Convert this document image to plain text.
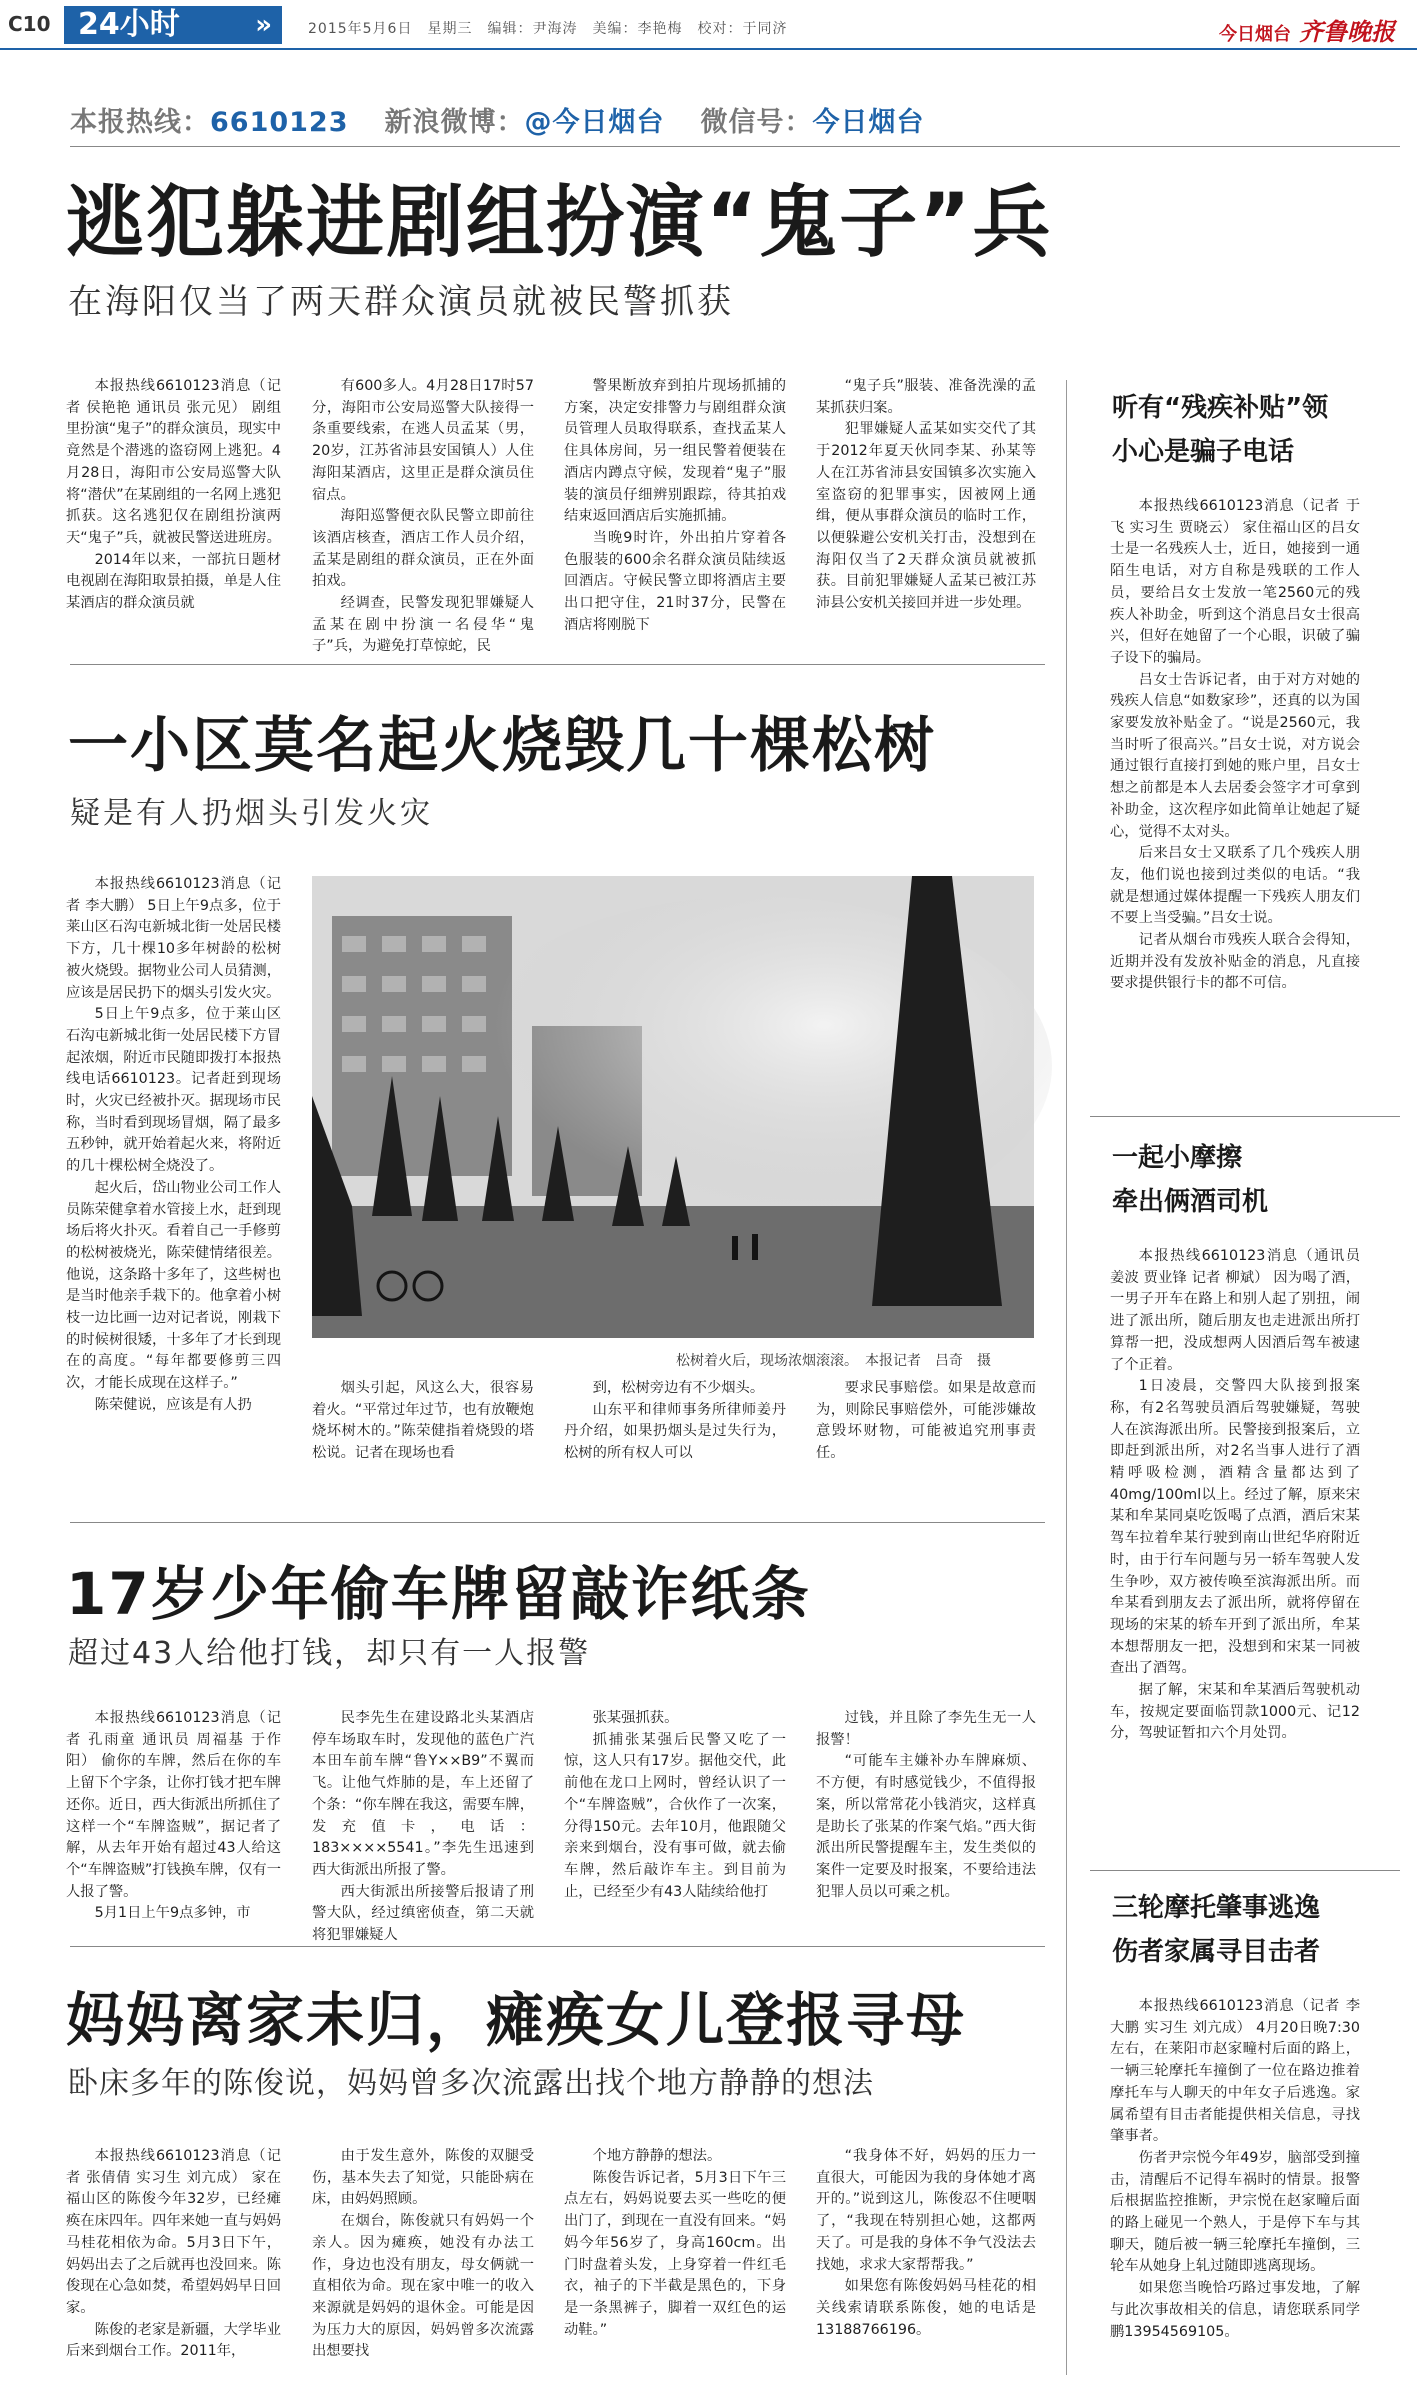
C10 24小时	»	2015年5月6日　星期三　编辑：尹海涛　美编：李艳梅　校对：于同济	今日烟台 齐鲁晚报
本报热线：6610123 新浪微博：@今日烟台 微信号：今日烟台
逃犯躲进剧组扮演“鬼子”兵
在海阳仅当了两天群众演员就被民警抓获

本报热线6610123消息（记者 侯艳艳 通讯员 张元见） 剧组里扮演“鬼子”的群众演员，现实中竟然是个潜逃的盗窃网上逃犯。4月28日，海阳市公安局巡警大队将“潜伏”在某剧组的一名网上逃犯抓获。这名逃犯仅在剧组扮演两天“鬼子”兵，就被民警送进班房。

2014年以来，一部抗日题材电视剧在海阳取景拍摄，单是人住某酒店的群众演员就

有600多人。4月28日17时57分，海阳市公安局巡警大队接得一条重要线索，在逃人员孟某（男，20岁，江苏省沛县安国镇人）人住海阳某酒店，这里正是群众演员住宿点。

海阳巡警便衣队民警立即前往该酒店核查，酒店工作人员介绍，孟某是剧组的群众演员，正在外面拍戏。

经调查，民警发现犯罪嫌疑人孟某在剧中扮演一名侵华“鬼子”兵，为避免打草惊蛇，民

警果断放弃到拍片现场抓捕的方案，决定安排警力与剧组群众演员管理人员取得联系，查找孟某人住具体房间，另一组民警着便装在酒店内蹲点守候，发现着“鬼子”服装的演员仔细辨别跟踪，待其拍戏结束返回酒店后实施抓捕。

当晚9时许，外出拍片穿着各色服装的600余名群众演员陆续返回酒店。守候民警立即将酒店主要出口把守住，21时37分，民警在酒店将刚脱下

“鬼子兵”服装、准备洗澡的孟某抓获归案。

犯罪嫌疑人孟某如实交代了其于2012年夏天伙同李某、孙某等人在江苏省沛县安国镇多次实施入室盗窃的犯罪事实，因被网上通缉，便从事群众演员的临时工作，以便躲避公安机关打击，没想到在海阳仅当了2天群众演员就被抓获。目前犯罪嫌疑人孟某已被江苏沛县公安机关接回并进一步处理。

一小区莫名起火烧毁几十棵松树
疑是有人扔烟头引发火灾

本报热线6610123消息（记者 李大鹏） 5日上午9点多，位于莱山区石沟屯新城北街一处居民楼下方，几十棵10多年树龄的松树被火烧毁。据物业公司人员猜测，应该是居民扔下的烟头引发火灾。

5日上午9点多，位于莱山区石沟屯新城北街一处居民楼下方冒起浓烟，附近市民随即拨打本报热线电话6610123。记者赶到现场时，火灾已经被扑灭。据现场市民称，当时看到现场冒烟，隔了最多五秒钟，就开始着起火来，将附近的几十棵松树全烧没了。

起火后，岱山物业公司工作人员陈荣健拿着水管接上水，赶到现场后将火扑灭。看着自己一手修剪的松树被烧光，陈荣健情绪很差。他说，这条路十多年了，这些树也是当时他亲手栽下的。他拿着小树枝一边比画一边对记者说，刚栽下的时候树很矮，十多年了才长到现在的高度。“每年都要修剪三四次，才能长成现在这样子。”

陈荣健说，应该是有人扔

松树着火后，现场浓烟滚滚。　本报记者　吕奇　摄

烟头引起，风这么大，很容易着火。“平常过年过节，也有放鞭炮烧坏树木的。”陈荣健指着烧毁的塔松说。记者在现场也看

到，松树旁边有不少烟头。

山东平和律师事务所律师姜丹丹介绍，如果扔烟头是过失行为，松树的所有权人可以

要求民事赔偿。如果是故意而为，则除民事赔偿外，可能涉嫌故意毁坏财物，可能被追究刑事责任。

17岁少年偷车牌留敲诈纸条
超过43人给他打钱，却只有一人报警

本报热线6610123消息（记者 孔雨童 通讯员 周福基 于作阳） 偷你的车牌，然后在你的车上留下个字条，让你打钱才把车牌还你。近日，西大街派出所抓住了这样一个“车牌盗贼”，据记者了解，从去年开始有超过43人给这个“车牌盗贼”打钱换车牌，仅有一人报了警。

5月1日上午9点多钟，市

民李先生在建设路北头某酒店停车场取车时，发现他的蓝色广汽本田车前车牌“鲁Y××B9”不翼而飞。让他气炸肺的是，车上还留了个条：“你车牌在我这，需要车牌，发充值卡，电话：183××××5541。”李先生迅速到西大街派出所报了警。

西大街派出所接警后报请了刑警大队，经过缜密侦查，第二天就将犯罪嫌疑人

张某强抓获。

抓捕张某强后民警又吃了一惊，这人只有17岁。据他交代，此前他在龙口上网时，曾经认识了一个“车牌盗贼”，合伙作了一次案，分得150元。去年10月，他跟随父亲来到烟台，没有事可做，就去偷车牌，然后敲诈车主。到目前为止，已经至少有43人陆续给他打

过钱，并且除了李先生无一人报警！

“可能车主嫌补办车牌麻烦、不方便，有时感觉钱少，不值得报案，所以常常花小钱消灾，这样真是助长了张某的作案气焰。”西大街派出所民警提醒车主，发生类似的案件一定要及时报案，不要给违法犯罪人员以可乘之机。

妈妈离家未归，瘫痪女儿登报寻母
卧床多年的陈俊说，妈妈曾多次流露出找个地方静静的想法

本报热线6610123消息（记者 张倩倩 实习生 刘亢成） 家在福山区的陈俊今年32岁，已经瘫痪在床四年。四年来她一直与妈妈马桂花相依为命。5月3日下午，妈妈出去了之后就再也没回来。陈俊现在心急如焚，希望妈妈早日回家。

陈俊的老家是新疆，大学毕业后来到烟台工作。2011年，

由于发生意外，陈俊的双腿受伤，基本失去了知觉，只能卧病在床，由妈妈照顾。

在烟台，陈俊就只有妈妈一个亲人。因为瘫痪，她没有办法工作，身边也没有朋友，母女俩就一直相依为命。现在家中唯一的收入来源就是妈妈的退休金。可能是因为压力大的原因，妈妈曾多次流露出想要找

个地方静静的想法。

陈俊告诉记者，5月3日下午三点左右，妈妈说要去买一些吃的便出门了，到现在一直没有回来。“妈妈今年56岁了，身高160cm。出门时盘着头发，上身穿着一件红毛衣，袖子的下半截是黑色的，下身是一条黑裤子，脚着一双红色的运动鞋。”

“我身体不好，妈妈的压力一直很大，可能因为我的身体她才离开的。”说到这儿，陈俊忍不住哽咽了，“我现在特别担心她，这都两天了。可是我的身体不争气没法去找她，求求大家帮帮我。”

如果您有陈俊妈妈马桂花的相关线索请联系陈俊，她的电话是13188766196。

听有“残疾补贴”领
小心是骗子电话

本报热线6610123消息（记者 于飞 实习生 贾晓云） 家住福山区的吕女士是一名残疾人士，近日，她接到一通陌生电话，对方自称是残联的工作人员，要给吕女士发放一笔2560元的残疾人补助金，听到这个消息吕女士很高兴，但好在她留了一个心眼，识破了骗子设下的骗局。

吕女士告诉记者，由于对方对她的残疾人信息“如数家珍”，还真的以为国家要发放补贴金了。“说是2560元，我当时听了很高兴。”吕女士说，对方说会通过银行直接打到她的账户里，吕女士想之前都是本人去居委会签字才可拿到补助金，这次程序如此简单让她起了疑心，觉得不太对头。

后来吕女士又联系了几个残疾人朋友，他们说也接到过类似的电话。“我就是想通过媒体提醒一下残疾人朋友们不要上当受骗。”吕女士说。

记者从烟台市残疾人联合会得知，近期并没有发放补贴金的消息，凡直接要求提供银行卡的都不可信。

一起小摩擦
牵出俩酒司机

本报热线6610123消息（通讯员 姜波 贾业锋 记者 柳斌） 因为喝了酒，一男子开车在路上和别人起了别扭，闹进了派出所，随后朋友也走进派出所打算帮一把，没成想两人因酒后驾车被逮了个正着。

1日凌晨，交警四大队接到报案称，有2名驾驶员酒后驾驶嫌疑，驾驶人在滨海派出所。民警接到报案后，立即赶到派出所，对2名当事人进行了酒精呼吸检测，酒精含量都达到了40mg/100ml以上。经过了解，原来宋某和牟某同桌吃饭喝了点酒，酒后宋某驾车拉着牟某行驶到南山世纪华府附近时，由于行车问题与另一轿车驾驶人发生争吵，双方被传唤至滨海派出所。而牟某看到朋友去了派出所，就将停留在现场的宋某的轿车开到了派出所，牟某本想帮朋友一把，没想到和宋某一同被查出了酒驾。

据了解，宋某和牟某酒后驾驶机动车，按规定要面临罚款1000元、记12分，驾驶证暂扣六个月处罚。

三轮摩托肇事逃逸
伤者家属寻目击者

本报热线6610123消息（记者 李大鹏 实习生 刘亢成） 4月20日晚7:30左右，在莱阳市赵家疃村后面的路上，一辆三轮摩托车撞倒了一位在路边推着摩托车与人聊天的中年女子后逃逸。家属希望有目击者能提供相关信息，寻找肇事者。

伤者尹宗悦今年49岁，脑部受到撞击，清醒后不记得车祸时的情景。报警后根据监控推断，尹宗悦在赵家疃后面的路上碰见一个熟人，于是停下车与其聊天，随后被一辆三轮摩托车撞倒，三轮车从她身上轧过随即逃离现场。

如果您当晚恰巧路过事发地，了解与此次事故相关的信息，请您联系同学鹏13954569105。
